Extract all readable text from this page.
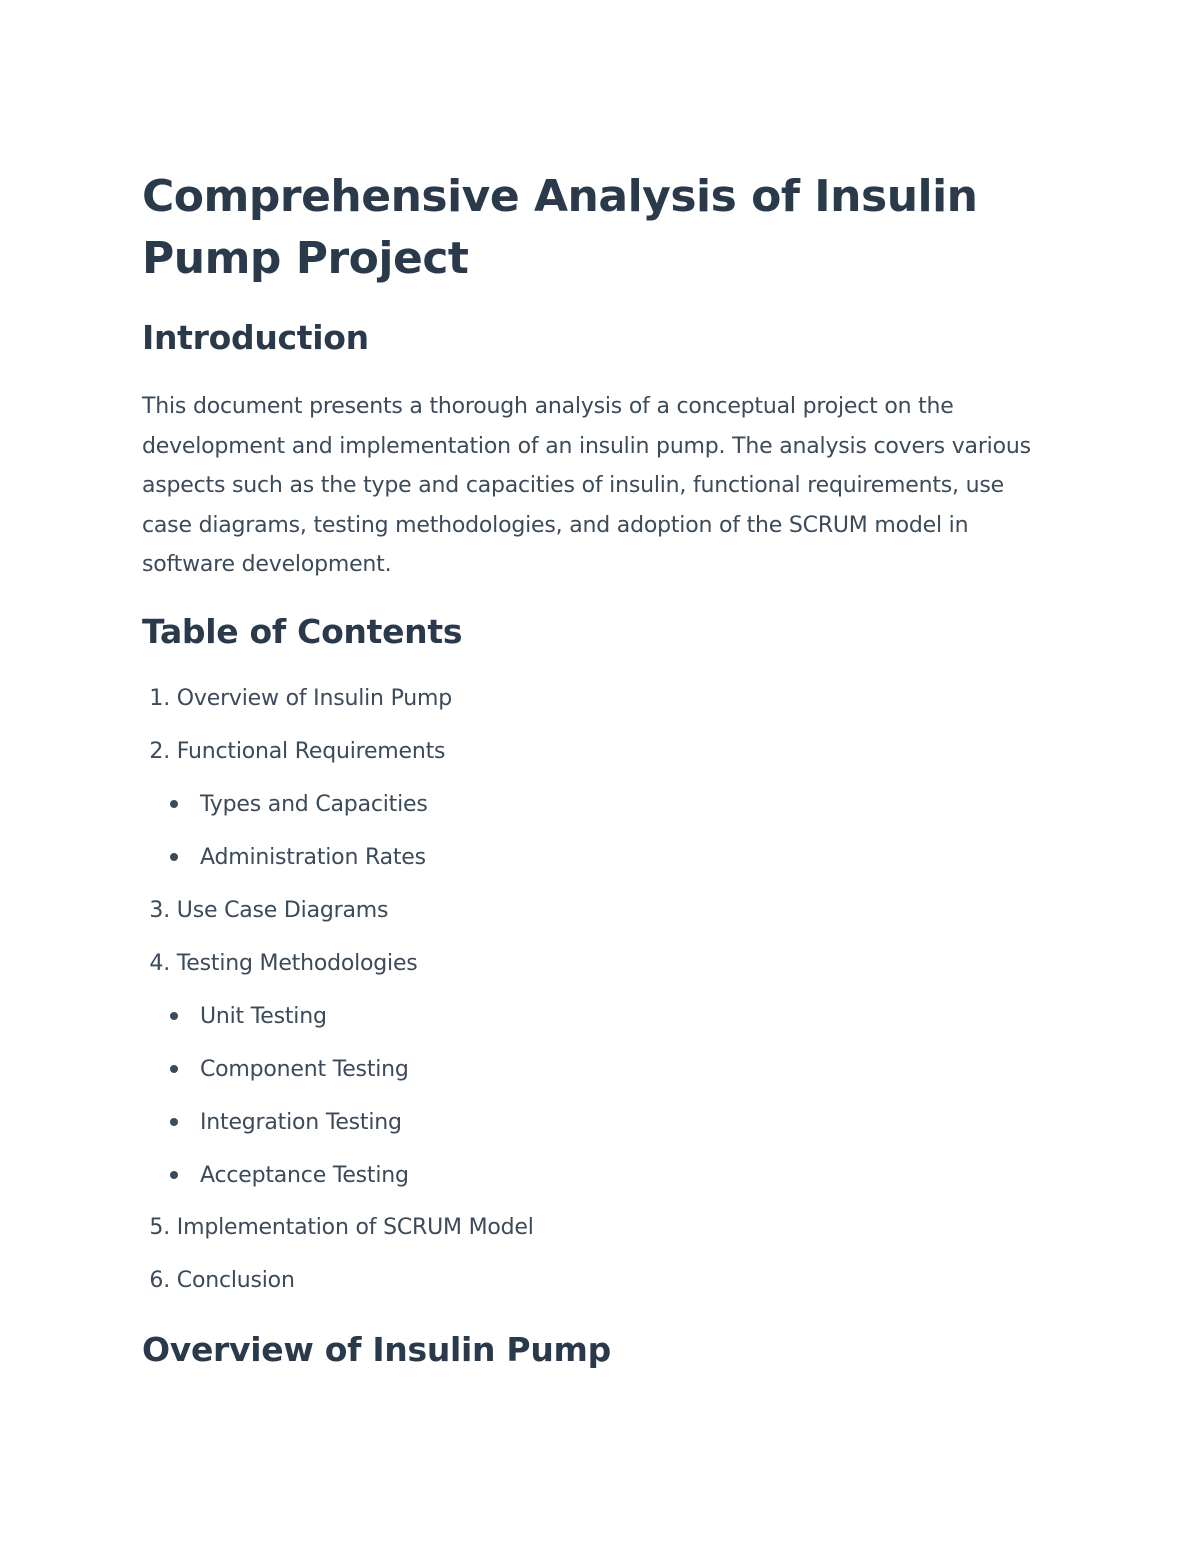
Comprehensive Analysis of Insulin Pump Project
Introduction

This document presents a thorough analysis of a conceptual project on the development and implementation of an insulin pump. The analysis covers various aspects such as the type and capacities of insulin, functional requirements, use case diagrams, testing methodologies, and adoption of the SCRUM model in software development.

Table of Contents
1. Overview of Insulin Pump
2. Functional Requirements
Types and Capacities
Administration Rates
3. Use Case Diagrams
4. Testing Methodologies
Unit Testing
Component Testing
Integration Testing
Acceptance Testing
5. Implementation of SCRUM Model
6. Conclusion
Overview of Insulin Pump
